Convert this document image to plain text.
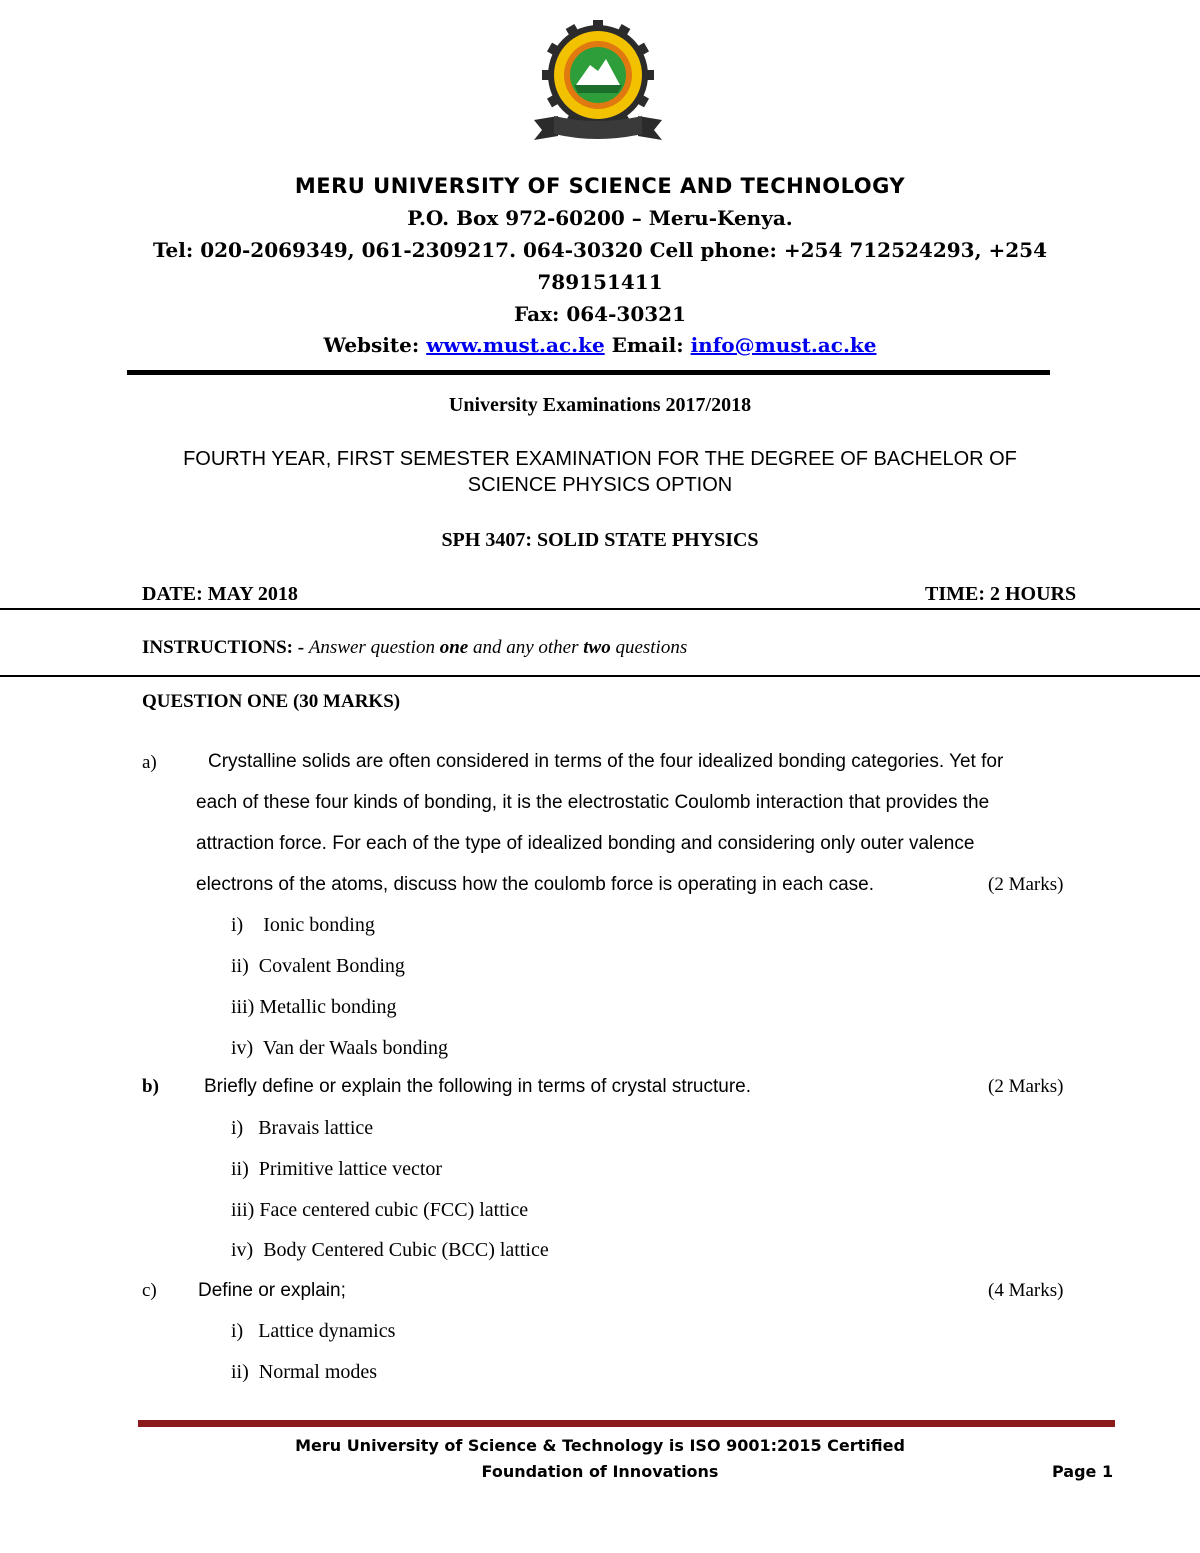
MERU UNIVERSITY OF SCIENCE AND TECHNOLOGY
P.O. Box 972-60200 – Meru-Kenya.
Tel: 020-2069349, 061-2309217. 064-30320 Cell phone: +254 712524293, +254
789151411
Fax: 064-30321
Website: www.must.ac.ke Email: info@must.ac.ke
University Examinations 2017/2018
FOURTH YEAR, FIRST SEMESTER EXAMINATION FOR THE DEGREE OF BACHELOR OF
SCIENCE PHYSICS OPTION
SPH 3407: SOLID STATE PHYSICS
DATE: MAY 2018	TIME: 2 HOURS
INSTRUCTIONS: - Answer question one and any other two questions
QUESTION ONE (30 MARKS)
a)	Crystalline solids are often considered in terms of the four idealized bonding categories. Yet for
each of these four kinds of bonding, it is the electrostatic Coulomb interaction that provides the
attraction force. For each of the type of idealized bonding and considering only outer valence
electrons of the atoms, discuss how the coulomb force is operating in each case.	(2 Marks)
i)    Ionic bonding
ii)  Covalent Bonding
iii) Metallic bonding
iv)  Van der Waals bonding
b) Briefly define or explain the following in terms of crystal structure.	(2 Marks)
i)   Bravais lattice
ii)  Primitive lattice vector
iii) Face centered cubic (FCC) lattice
iv)  Body Centered Cubic (BCC) lattice
c) Define or explain;	(4 Marks)
i)   Lattice dynamics
ii)  Normal modes
Meru University of Science & Technology is ISO 9001:2015 Certified
Foundation of Innovations	Page 1
